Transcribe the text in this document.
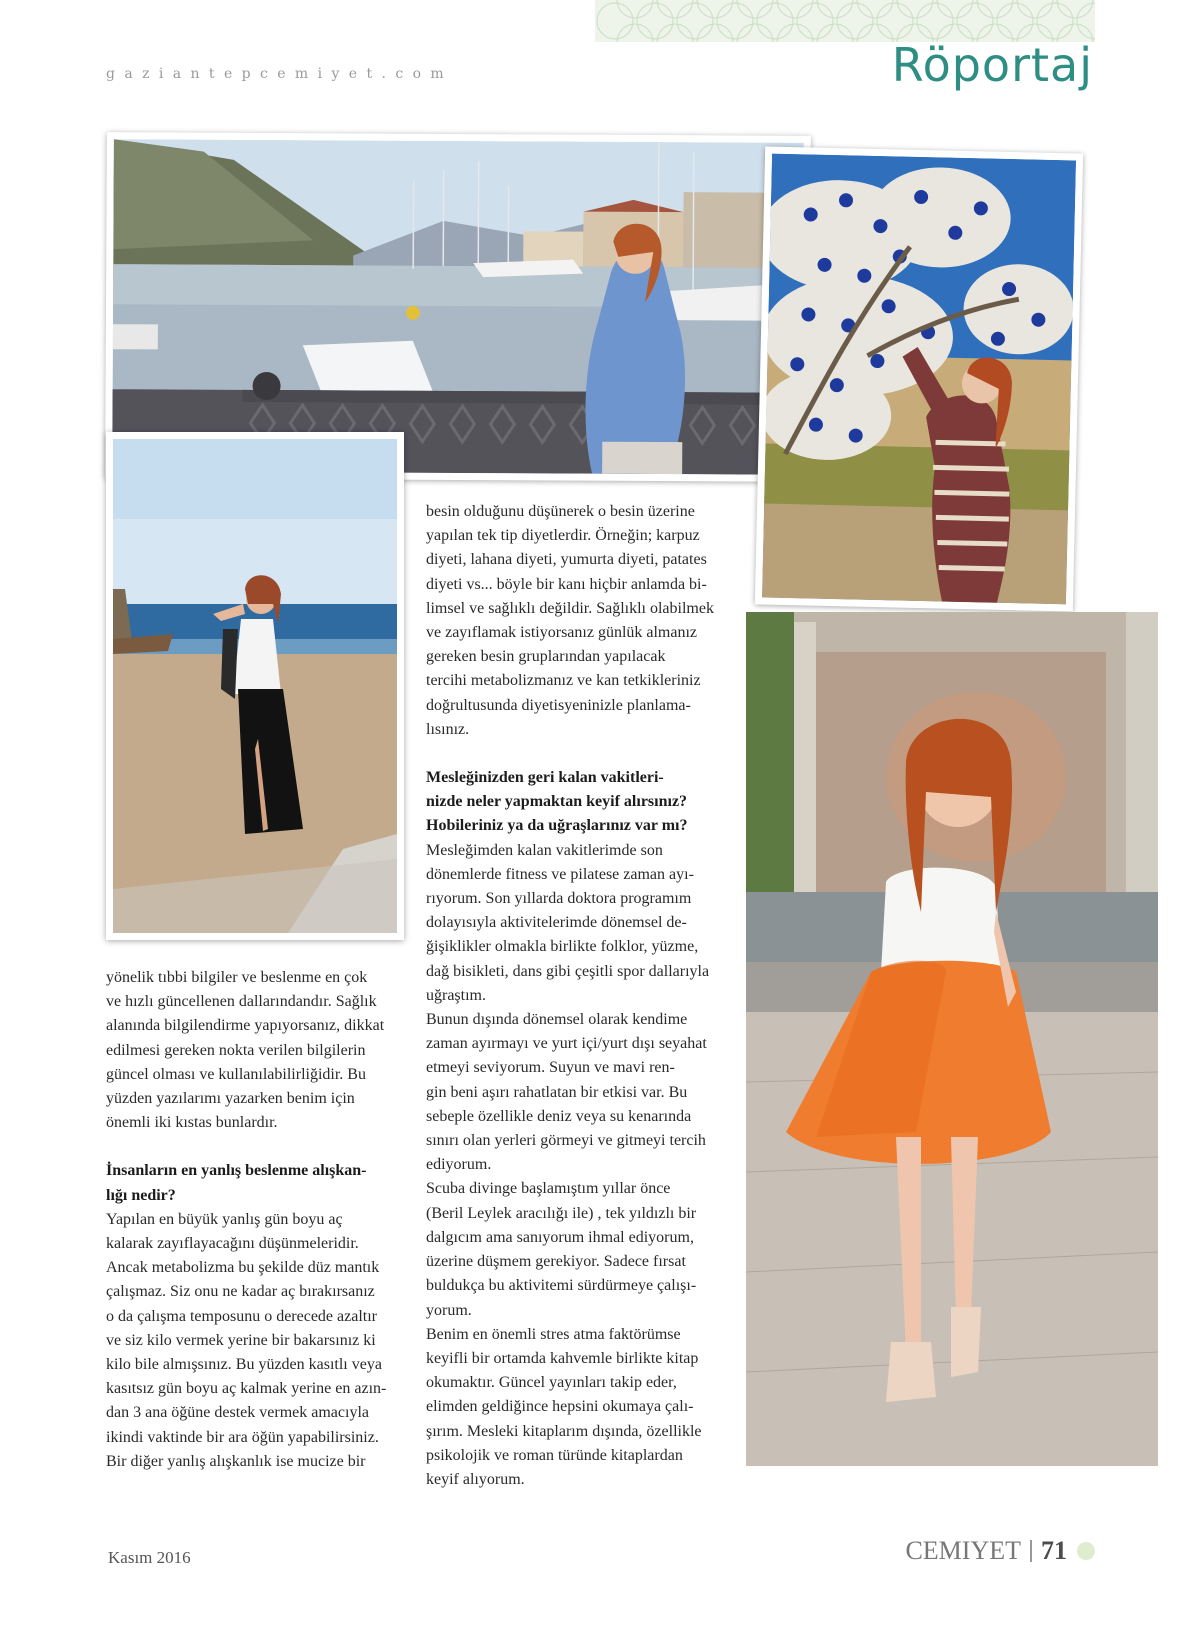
gaziantepcemiyet.com	Röportaj

yönelik tıbbi bilgiler ve beslenme en çok

ve hızlı güncellenen dallarındandır. Sağlık

alanında bilgilendirme yapıyorsanız, dikkat

edilmesi gereken nokta verilen bilgilerin

güncel olması ve kullanılabilirliğidir. Bu

yüzden yazılarımı yazarken benim için

önemli iki kıstas bunlardır.

İnsanların en yanlış beslenme alışkan-

lığı nedir?

Yapılan en büyük yanlış gün boyu aç

kalarak zayıflayacağını düşünmeleridir.

Ancak metabolizma bu şekilde düz mantık

çalışmaz. Siz onu ne kadar aç bırakırsanız

o da çalışma temposunu o derecede azaltır

ve siz kilo vermek yerine bir bakarsınız ki

kilo bile almışsınız. Bu yüzden kasıtlı veya

kasıtsız gün boyu aç kalmak yerine en azın-

dan 3 ana öğüne destek vermek amacıyla

ikindi vaktinde bir ara öğün yapabilirsiniz.

Bir diğer yanlış alışkanlık ise mucize bir

besin olduğunu düşünerek o besin üzerine

yapılan tek tip diyetlerdir. Örneğin; karpuz

diyeti, lahana diyeti, yumurta diyeti, patates

diyeti vs... böyle bir kanı hiçbir anlamda bi-

limsel ve sağlıklı değildir. Sağlıklı olabilmek

ve zayıflamak istiyorsanız günlük almanız

gereken besin gruplarından yapılacak

tercihi metabolizmanız ve kan tetkikleriniz

doğrultusunda diyetisyeninizle planlama-

lısınız.

Mesleğinizden geri kalan vakitleri-

nizde neler yapmaktan keyif alırsınız?

Hobileriniz ya da uğraşlarınız var mı?

Mesleğimden kalan vakitlerimde son

dönemlerde fitness ve pilatese zaman ayı-

rıyorum. Son yıllarda doktora programım

dolayısıyla aktivitelerimde dönemsel de-

ğişiklikler olmakla birlikte folklor, yüzme,

dağ bisikleti, dans gibi çeşitli spor dallarıyla

uğraştım.

Bunun dışında dönemsel olarak kendime

zaman ayırmayı ve yurt içi/yurt dışı seyahat

etmeyi seviyorum. Suyun ve mavi ren-

gin beni aşırı rahatlatan bir etkisi var. Bu

sebeple özellikle deniz veya su kenarında

sınırı olan yerleri görmeyi ve gitmeyi tercih

ediyorum.

Scuba divinge başlamıştım yıllar önce

(Beril Leylek aracılığı ile) , tek yıldızlı bir

dalgıcım ama sanıyorum ihmal ediyorum,

üzerine düşmem gerekiyor. Sadece fırsat

buldukça bu aktivitemi sürdürmeye çalışı-

yorum.

Benim en önemli stres atma faktörümse

keyifli bir ortamda kahvemle birlikte kitap

okumaktır. Güncel yayınları takip eder,

elimden geldiğince hepsini okumaya çalı-

şırım. Mesleki kitaplarım dışında, özellikle

psikolojik ve roman türünde kitaplardan

keyif alıyorum.

Kasım 2016	CEMIYET 71
